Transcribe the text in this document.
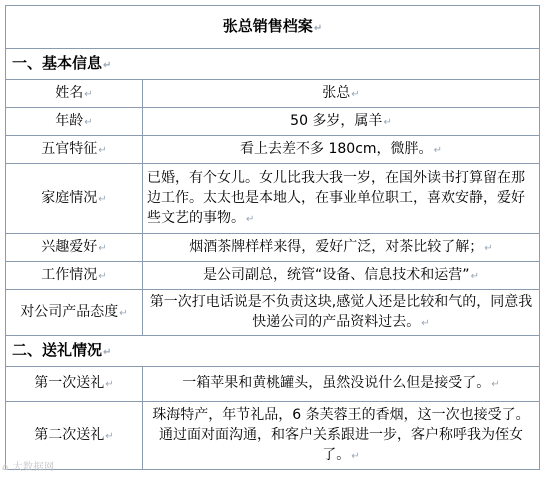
张总销售档案↵	
一、基本信息↵	
姓名↵	张总↵
年龄↵	50 多岁，属羊↵
五官特征↵	看上去差不多 180cm，微胖。↵
家庭情况↵	已婚，有个女儿。女儿比我大我一岁，在国外读书打算留在那边工作。太太也是本地人，在事业单位职工，喜欢安静，爱好些文艺的事物。↵
兴趣爱好↵	烟酒茶牌样样来得，爱好广泛，对茶比较了解；↵
工作情况↵	是公司副总，统管“设备、信息技术和运营”↵
对公司产品态度↵	第一次打电话说是不负责这块,感觉人还是比较和气的，同意我快递公司的产品资料过去。↵
二、送礼情况↵	
第一次送礼↵	一箱苹果和黄桃罐头，虽然没说什么但是接受了。↵
第二次送礼↵	珠海特产，年节礼品，6 条芙蓉王的香烟，这一次也接受了。通过面对面沟通，和客户关系跟进一步，客户称呼我为侄女了。↵
⌂ 大数据网
